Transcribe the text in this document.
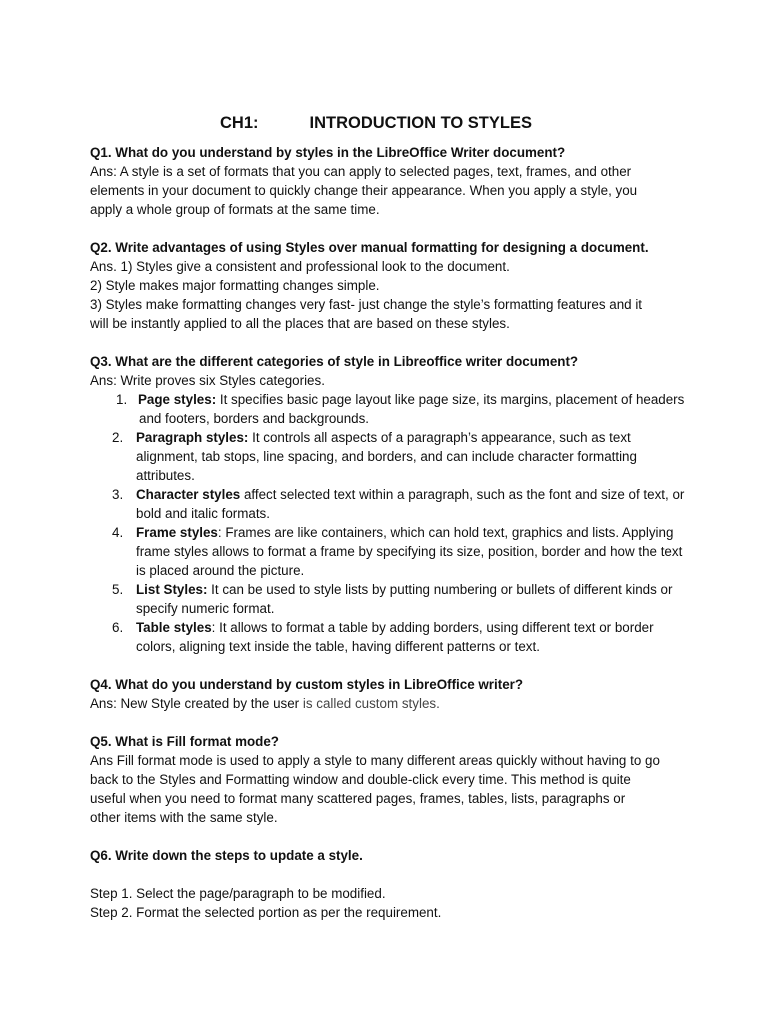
CH1:	INTRODUCTION TO STYLES

Q1. What do you understand by styles in the LibreOffice Writer document?

Ans: A style is a set of formats that you can apply to selected pages, text, frames, and other

elements in your document to quickly change their appearance. When you apply a style, you

apply a whole group of formats at the same time.

Q2. Write advantages of using Styles over manual formatting for designing a document.

Ans. 1) Styles give a consistent and professional look to the document.

2) Style makes major formatting changes simple.

3) Styles make formatting changes very fast- just change the style’s formatting features and it

will be instantly applied to all the places that are based on these styles.

Q3. What are the different categories of style in Libreoffice writer document?

Ans: Write proves six Styles categories.

1. Page styles: It specifies basic page layout like page size, its margins, placement of headers and footers, borders and backgrounds.
2. Paragraph styles: It controls all aspects of a paragraph’s appearance, such as text alignment, tab stops, line spacing, and borders, and can include character formatting attributes.
3. Character styles affect selected text within a paragraph, such as the font and size of text, or bold and italic formats.
4. Frame styles: Frames are like containers, which can hold text, graphics and lists. Applying frame styles allows to format a frame by specifying its size, position, border and how the text is placed around the picture.
5. List Styles: It can be used to style lists by putting numbering or bullets of different kinds or specify numeric format.
6. Table styles: It allows to format a table by adding borders, using different text or border colors, aligning text inside the table, having different patterns or text.

Q4. What do you understand by custom styles in LibreOffice writer?

Ans: New Style created by the user is called custom styles.

Q5. What is Fill format mode?

Ans Fill format mode is used to apply a style to many different areas quickly without having to go

back to the Styles and Formatting window and double-click every time. This method is quite

useful when you need to format many scattered pages, frames, tables, lists, paragraphs or

other items with the same style.

Q6. Write down the steps to update a style.

Step 1. Select the page/paragraph to be modified.

Step 2. Format the selected portion as per the requirement.
